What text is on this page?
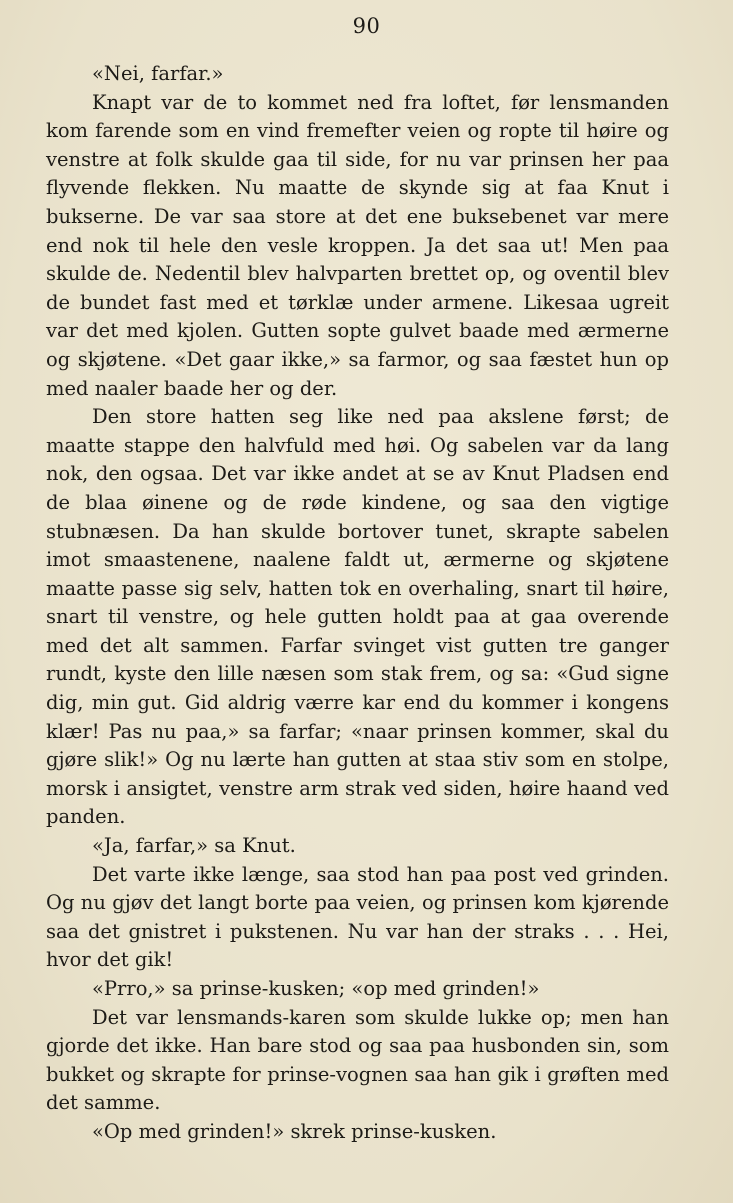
90

«Nei, farfar.»

Knapt var de to kommet ned fra loftet, før lensmanden kom farende som en vind fremefter veien og ropte til høire og venstre at folk skulde gaa til side, for nu var prinsen her paa flyvende flekken. Nu maatte de skynde sig at faa Knut i bukserne. De var saa store at det ene buksebenet var mere end nok til hele den vesle kroppen. Ja det saa ut! Men paa skulde de. Nedentil blev halvparten brettet op, og oventil blev de bundet fast med et tørklæ under armene. Likesaa ugreit var det med kjolen. Gutten sopte gulvet baade med ærmerne og skjøtene. «Det gaar ikke,» sa farmor, og saa fæstet hun op med naaler baade her og der.

Den store hatten seg like ned paa akslene først; de maatte stappe den halvfuld med høi. Og sabelen var da lang nok, den ogsaa. Det var ikke andet at se av Knut Pladsen end de blaa øinene og de røde kindene, og saa den vigtige stubnæsen. Da han skulde bortover tunet, skrapte sabelen imot smaastenene, naalene faldt ut, ærmerne og skjøtene maatte passe sig selv, hatten tok en overhaling, snart til høire, snart til venstre, og hele gutten holdt paa at gaa overende med det alt sammen. Farfar svinget vist gutten tre ganger rundt, kyste den lille næsen som stak frem, og sa: «Gud signe dig, min gut. Gid aldrig værre kar end du kommer i kongens klær! Pas nu paa,» sa farfar; «naar prinsen kommer, skal du gjøre slik!» Og nu lærte han gutten at staa stiv som en stolpe, morsk i ansigtet, venstre arm strak ved siden, høire haand ved panden.

«Ja, farfar,» sa Knut.

Det varte ikke længe, saa stod han paa post ved grinden. Og nu gjøv det langt borte paa veien, og prinsen kom kjørende saa det gnistret i pukstenen. Nu var han der straks . . . Hei, hvor det gik!

«Prro,» sa prinse-kusken; «op med grinden!»

Det var lensmands-karen som skulde lukke op; men han gjorde det ikke. Han bare stod og saa paa husbonden sin, som bukket og skrapte for prinse-vognen saa han gik i grøften med det samme.

«Op med grinden!» skrek prinse-kusken.
